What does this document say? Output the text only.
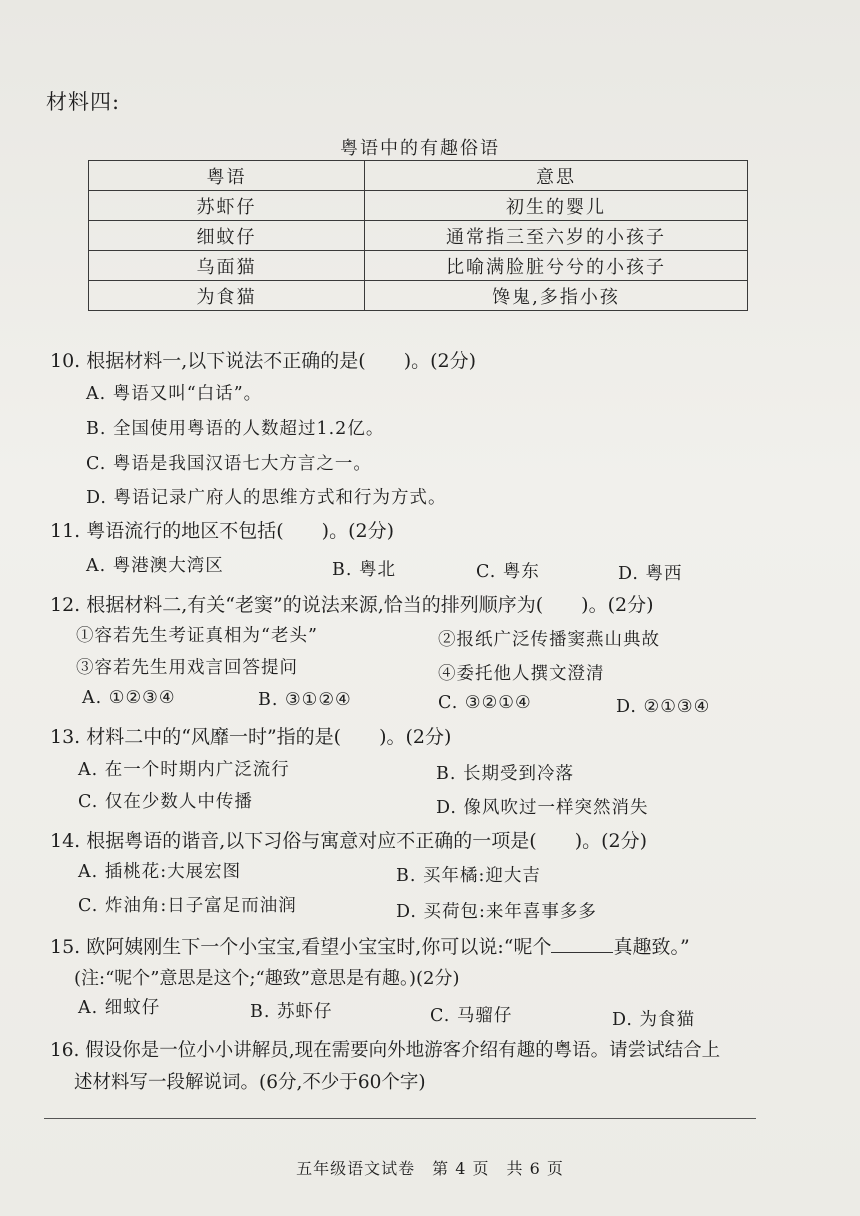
材料四:
粤语中的有趣俗语
粤语	意思
苏虾仔	初生的婴儿
细蚊仔	通常指三至六岁的小孩子
乌面猫	比喻满脸脏兮兮的小孩子
为食猫	馋鬼,多指小孩
10. 根据材料一,以下说法不正确的是(　　)。(2分)
A. 粤语又叫“白话”。
B. 全国使用粤语的人数超过1.2亿。
C. 粤语是我国汉语七大方言之一。
D. 粤语记录广府人的思维方式和行为方式。
11. 粤语流行的地区不包括(　　)。(2分)
A. 粤港澳大湾区	B. 粤北	C. 粤东	D. 粤西
12. 根据材料二,有关“老窦”的说法来源,恰当的排列顺序为(　　)。(2分)
①容若先生考证真相为“老头”	②报纸广泛传播窦燕山典故
③容若先生用戏言回答提问	④委托他人撰文澄清
A. ①②③④	B. ③①②④	C. ③②①④	D. ②①③④
13. 材料二中的“风靡一时”指的是(　　)。(2分)
A. 在一个时期内广泛流行	B. 长期受到冷落
C. 仅在少数人中传播	D. 像风吹过一样突然消失
14. 根据粤语的谐音,以下习俗与寓意对应不正确的一项是(　　)。(2分)
A. 插桃花:大展宏图	B. 买年橘:迎大吉
C. 炸油角:日子富足而油润	D. 买荷包:来年喜事多多
15. 欧阿姨刚生下一个小宝宝,看望小宝宝时,你可以说:“呢个	真趣致。”
(注:“呢个”意思是这个;“趣致”意思是有趣。)(2分)
A. 细蚊仔	B. 苏虾仔	C. 马骝仔	D. 为食猫
16. 假设你是一位小小讲解员,现在需要向外地游客介绍有趣的粤语。请尝试结合上
述材料写一段解说词。(6分,不少于60个字)
五年级语文试卷　第 4 页　共 6 页
